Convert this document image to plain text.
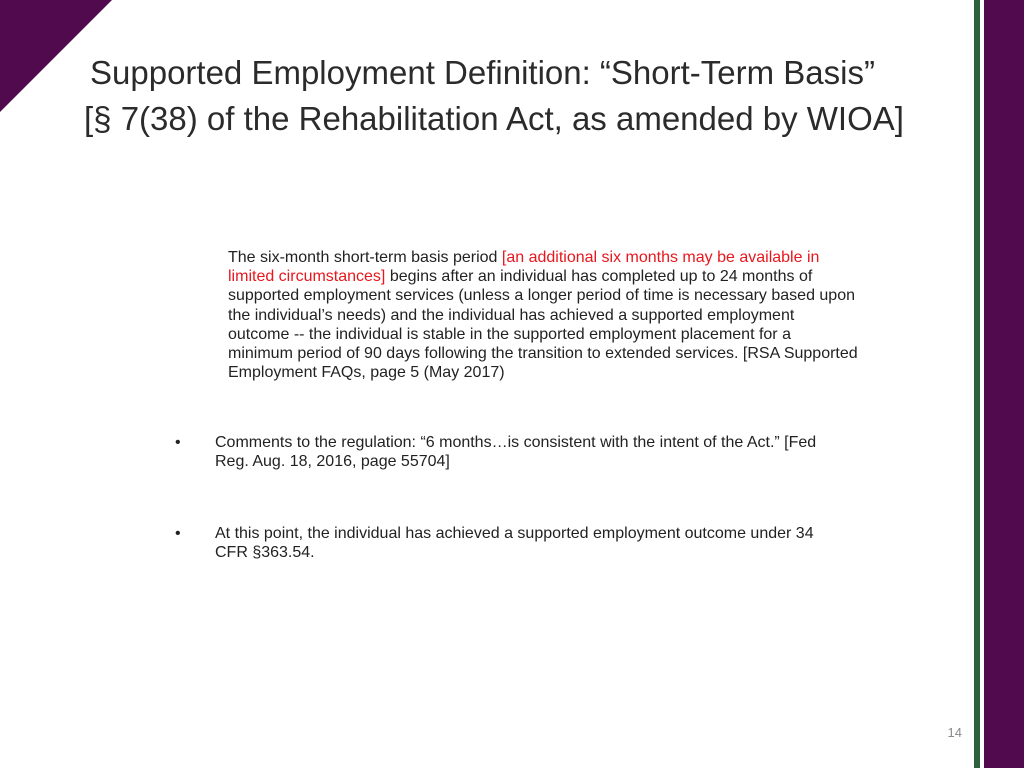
Supported Employment Definition: “Short-Term Basis”
[§ 7(38) of the Rehabilitation Act, as amended by WIOA]

The six-month short-term basis period [an additional six months may be available in limited circumstances] begins after an individual has completed up to 24 months of supported employment services (unless a longer period of time is necessary based upon the individual’s needs) and the individual has achieved a supported employment outcome -- the individual is stable in the supported employment placement for a minimum period of 90 days following the transition to extended services. [RSA Supported Employment FAQs, page 5 (May 2017)

• Comments to the regulation: “6 months…is consistent with the intent of the Act.” [Fed Reg. Aug. 18, 2016, page 55704]
• At this point, the individual has achieved a supported employment outcome under 34 CFR §363.54.
14
